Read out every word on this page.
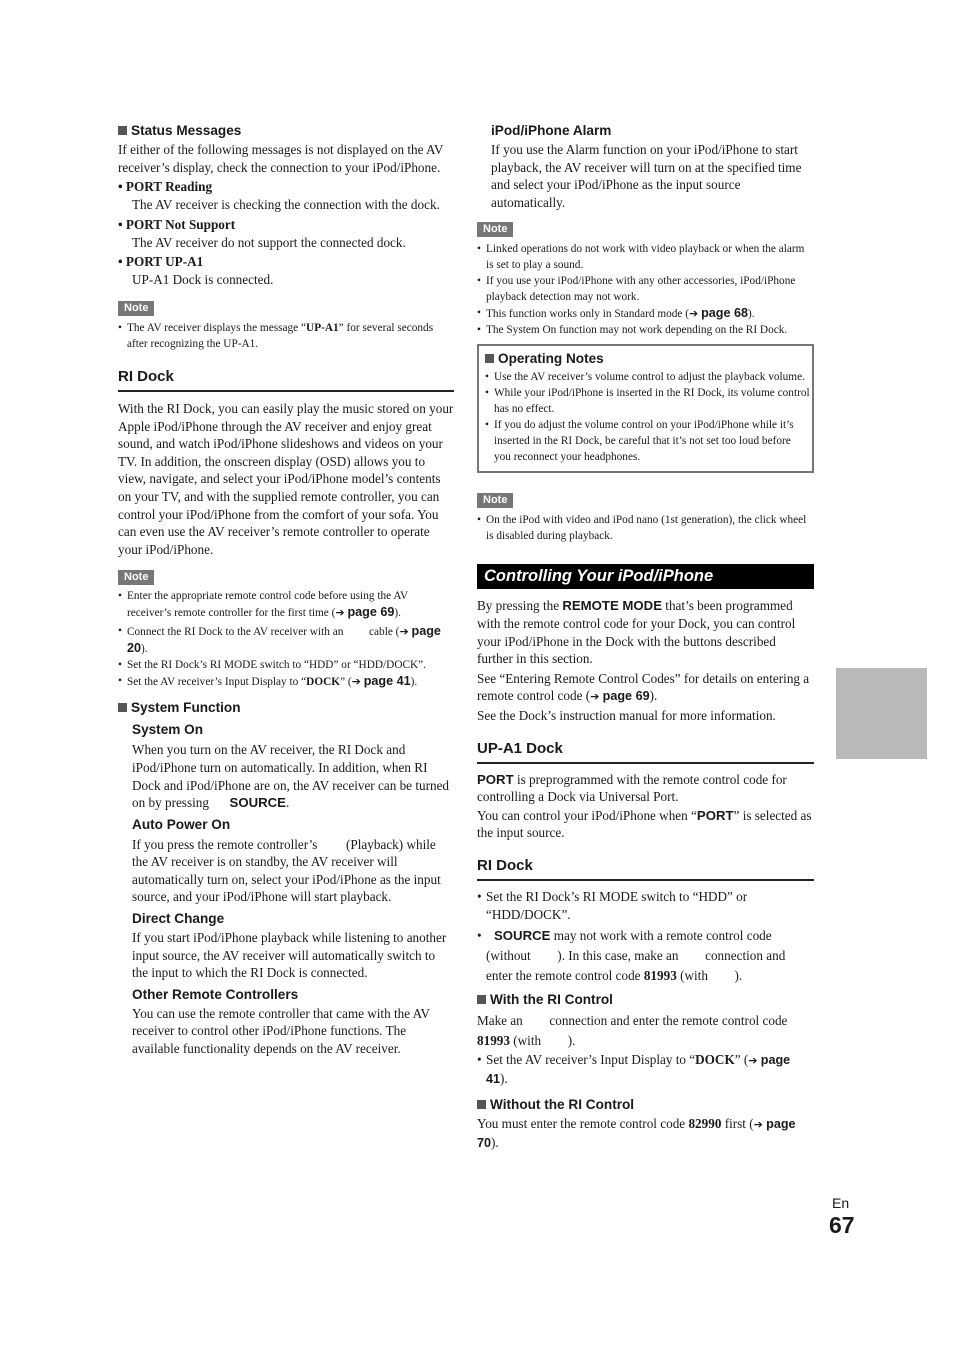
Status Messages

If either of the following messages is not displayed on the AV receiver’s display, check the connection to your iPod/iPhone.

• PORT Reading

The AV receiver is checking the connection with the dock.

• PORT Not Support

The AV receiver do not support the connected dock.

• PORT UP-A1

UP-A1 Dock is connected.

Note
• The AV receiver displays the message “UP-A1” for several seconds after recognizing the UP-A1.
RI Dock

With the RI Dock, you can easily play the music stored on your Apple iPod/iPhone through the AV receiver and enjoy great sound, and watch iPod/iPhone slideshows and videos on your TV. In addition, the onscreen display (OSD) allows you to view, navigate, and select your iPod/iPhone model’s contents on your TV, and with the supplied remote controller, you can control your iPod/iPhone from the comfort of your sofa. You can even use the AV receiver’s remote controller to operate your iPod/iPhone.

Note
• Enter the appropriate remote control code before using the AV receiver’s remote controller for the first time (➔ page 69).
• Connect the RI Dock to the AV receiver with an cable (➔ page 20).
• Set the RI Dock’s RI MODE switch to “HDD” or “HDD/DOCK”.
• Set the AV receiver’s Input Display to “DOCK” (➔ page 41).
System Function
System On

When you turn on the AV receiver, the RI Dock and iPod/iPhone turn on automatically. In addition, when RI Dock and iPod/iPhone are on, the AV receiver can be turned on by pressing SOURCE.

Auto Power On

If you press the remote controller’s (Playback) while the AV receiver is on standby, the AV receiver will automatically turn on, select your iPod/iPhone as the input source, and your iPod/iPhone will start playback.

Direct Change

If you start iPod/iPhone playback while listening to another input source, the AV receiver will automatically switch to the input to which the RI Dock is connected.

Other Remote Controllers

You can use the remote controller that came with the AV receiver to control other iPod/iPhone functions. The available functionality depends on the AV receiver.

iPod/iPhone Alarm

If you use the Alarm function on your iPod/iPhone to start playback, the AV receiver will turn on at the specified time and select your iPod/iPhone as the input source automatically.

Note
• Linked operations do not work with video playback or when the alarm is set to play a sound.
• If you use your iPod/iPhone with any other accessories, iPod/iPhone playback detection may not work.
• This function works only in Standard mode (➔ page 68).
• The System On function may not work depending on the RI Dock.
Operating Notes
• Use the AV receiver’s volume control to adjust the playback volume.
• While your iPod/iPhone is inserted in the RI Dock, its volume control has no effect.
• If you do adjust the volume control on your iPod/iPhone while it’s inserted in the RI Dock, be careful that it’s not set too loud before you reconnect your headphones.
Note
• On the iPod with video and iPod nano (1st generation), the click wheel is disabled during playback.
Controlling Your iPod/iPhone

By pressing the REMOTE MODE that’s been programmed with the remote control code for your Dock, you can control your iPod/iPhone in the Dock with the buttons described further in this section.

See “Entering Remote Control Codes” for details on entering a remote control code (➔ page 69).

See the Dock’s instruction manual for more information.

UP-A1 Dock

PORT is preprogrammed with the remote control code for controlling a Dock via Universal Port.

You can control your iPod/iPhone when “PORT” is selected as the input source.

RI Dock
• Set the RI Dock’s RI MODE switch to “HDD” or “HDD/DOCK”.
• SOURCE may not work with a remote control code (without ). In this case, make an connection and enter the remote control code 81993 (with ).
With the RI Control

Make an connection and enter the remote control code 81993 (with ).

• Set the AV receiver’s Input Display to “DOCK” (➔ page 41).
Without the RI Control

You must enter the remote control code 82990 first (➔ page 70).

En
67
